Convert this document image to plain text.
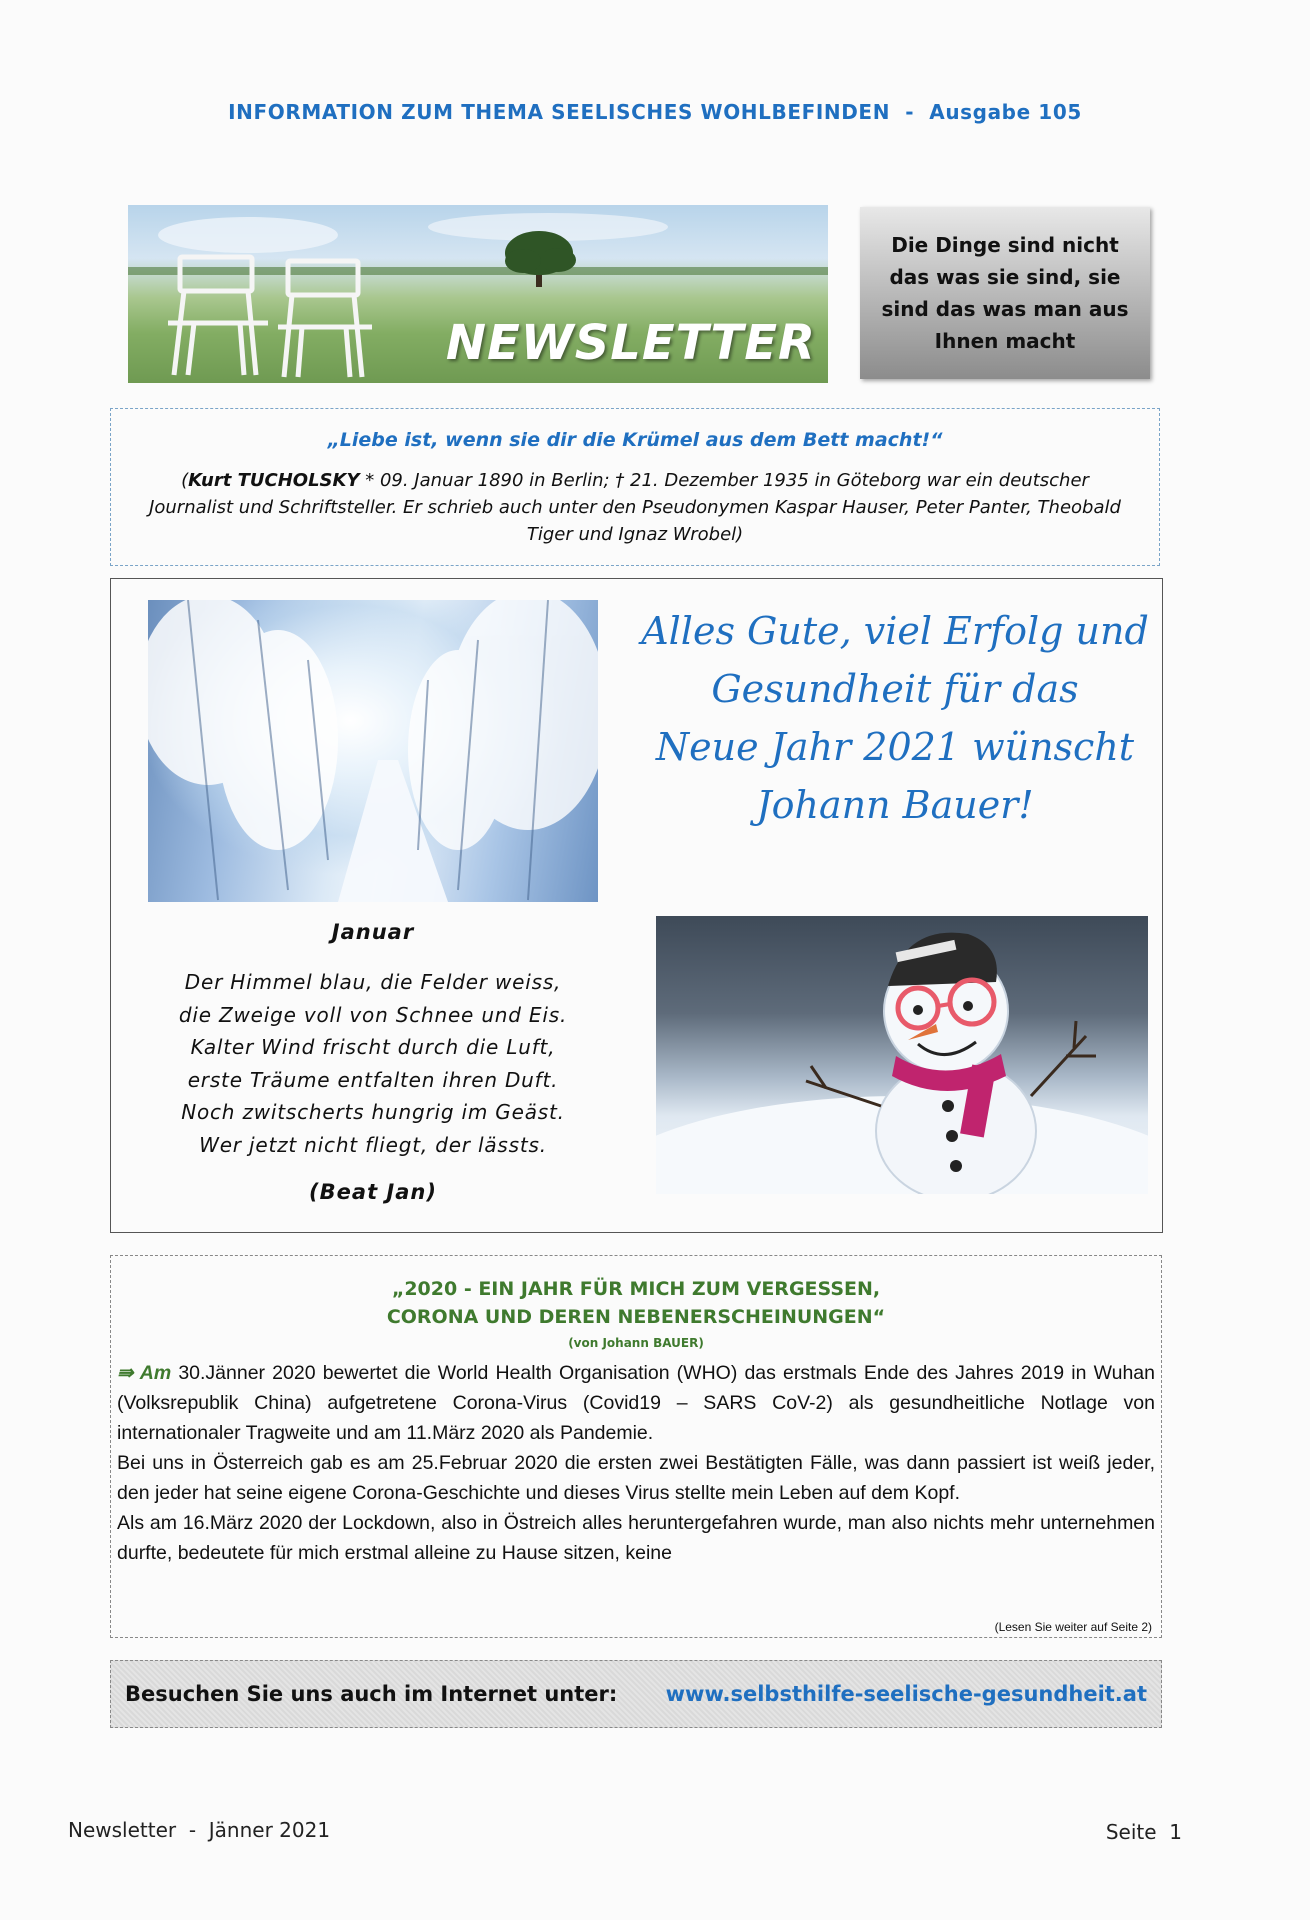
INFORMATION ZUM THEMA SEELISCHES WOHLBEFINDEN - Ausgabe 105
NEWSLETTER
Die Dinge sind nicht das was sie sind, sie sind das was man aus Ihnen macht
„Liebe ist, wenn sie dir die Krümel aus dem Bett macht!“
(Kurt TUCHOLSKY * 09. Januar 1890 in Berlin; † 21. Dezember 1935 in Göteborg war ein deutscher Journalist und Schriftsteller. Er schrieb auch unter den Pseudonymen Kaspar Hauser, Peter Panter, Theobald Tiger und Ignaz Wrobel)
Alles Gute, viel Erfolg und
Gesundheit für das
Neue Jahr 2021 wünscht
Johann Bauer!
Januar
Der Himmel blau, die Felder weiss,
die Zweige voll von Schnee und Eis.
Kalter Wind frischt durch die Luft,
erste Träume entfalten ihren Duft.
Noch zwitscherts hungrig im Geäst.
Wer jetzt nicht fliegt, der lässts.
(Beat Jan)
„2020 - EIN JAHR FÜR MICH ZUM VERGESSEN,
CORONA UND DEREN NEBENERSCHEINUNGEN“
(von Johann BAUER)

⇛ Am 30.Jänner 2020 bewertet die World Health Organisation (WHO) das erstmals Ende des Jahres 2019 in Wuhan (Volksrepublik China) aufgetretene Corona-Virus (Covid19 – SARS CoV-2) als gesundheitliche Notlage von internationaler Tragweite und am 11.März 2020 als Pandemie.

Bei uns in Österreich gab es am 25.Februar 2020 die ersten zwei Bestätigten Fälle, was dann passiert ist weiß jeder, den jeder hat seine eigene Corona-Geschichte und dieses Virus stellte mein Leben auf dem Kopf.

Als am 16.März 2020 der Lockdown, also in Östreich alles heruntergefahren wurde, man also nichts mehr unternehmen durfte, bedeutete für mich erstmal alleine zu Hause sitzen, keine

(Lesen Sie weiter auf Seite 2)
Besuchen Sie uns auch im Internet unter: www.selbsthilfe-seelische-gesundheit.at
Newsletter  -  Jänner 2021	Seite  1
